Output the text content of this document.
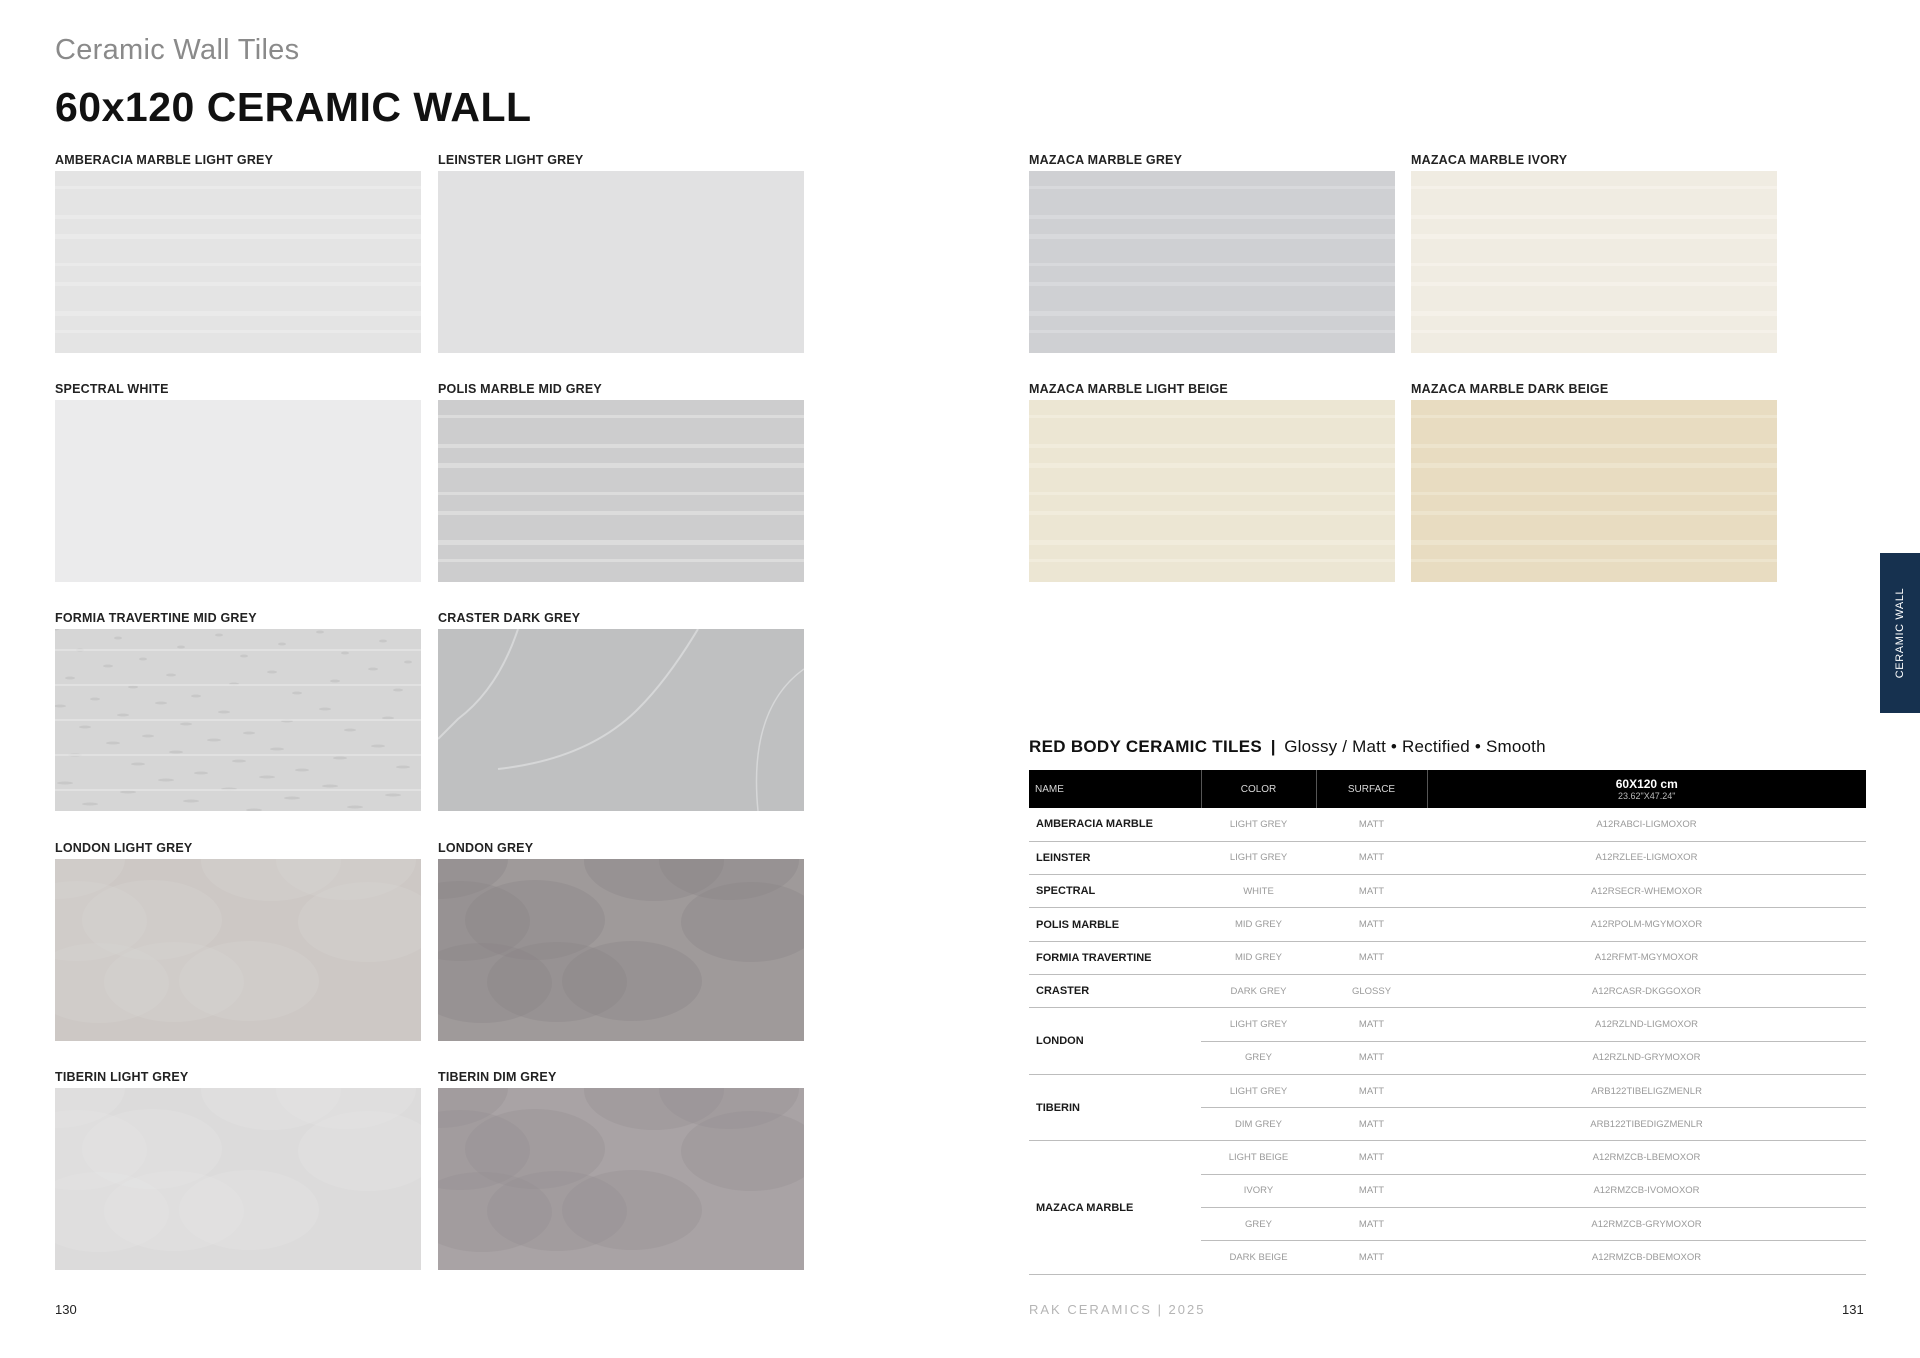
Ceramic Wall Tiles
60x120 CERAMIC WALL
AMBERACIA MARBLE LIGHT GREY	LEINSTER LIGHT GREY
SPECTRAL WHITE	POLIS MARBLE MID GREY
FORMIA TRAVERTINE MID GREY	CRASTER DARK GREY
LONDON LIGHT GREY	LONDON GREY
TIBERIN LIGHT GREY	TIBERIN DIM GREY
MAZACA MARBLE GREY	MAZACA MARBLE IVORY
MAZACA MARBLE LIGHT BEIGE	MAZACA MARBLE DARK BEIGE
CERAMIC WALL
RED BODY CERAMIC TILES | Glossy / Matt • Rectified • Smooth
NAME	COLOR	SURFACE	60X120 cm
23.62"X47.24"

AMBERACIA MARBLE	LIGHT GREY	MATT	A12RABCI-LIGMOXOR
LEINSTER	LIGHT GREY	MATT	A12RZLEE-LIGMOXOR
SPECTRAL	WHITE	MATT	A12RSECR-WHEMOXOR
POLIS MARBLE	MID GREY	MATT	A12RPOLM-MGYMOXOR
FORMIA TRAVERTINE	MID GREY	MATT	A12RFMT-MGYMOXOR
CRASTER	DARK GREY	GLOSSY	A12RCASR-DKGGOXOR
LONDON	LIGHT GREY	MATT	A12RZLND-LIGMOXOR
	GREY	MATT	A12RZLND-GRYMOXOR
TIBERIN	LIGHT GREY	MATT	ARB122TIBELIGZMENLR
	DIM GREY	MATT	ARB122TIBEDIGZMENLR
MAZACA MARBLE	LIGHT BEIGE	MATT	A12RMZCB-LBEMOXOR
	IVORY	MATT	A12RMZCB-IVOMOXOR
	GREY	MATT	A12RMZCB-GRYMOXOR
	DARK BEIGE	MATT	A12RMZCB-DBEMOXOR
130	RAK CERAMICS | 2025	131
